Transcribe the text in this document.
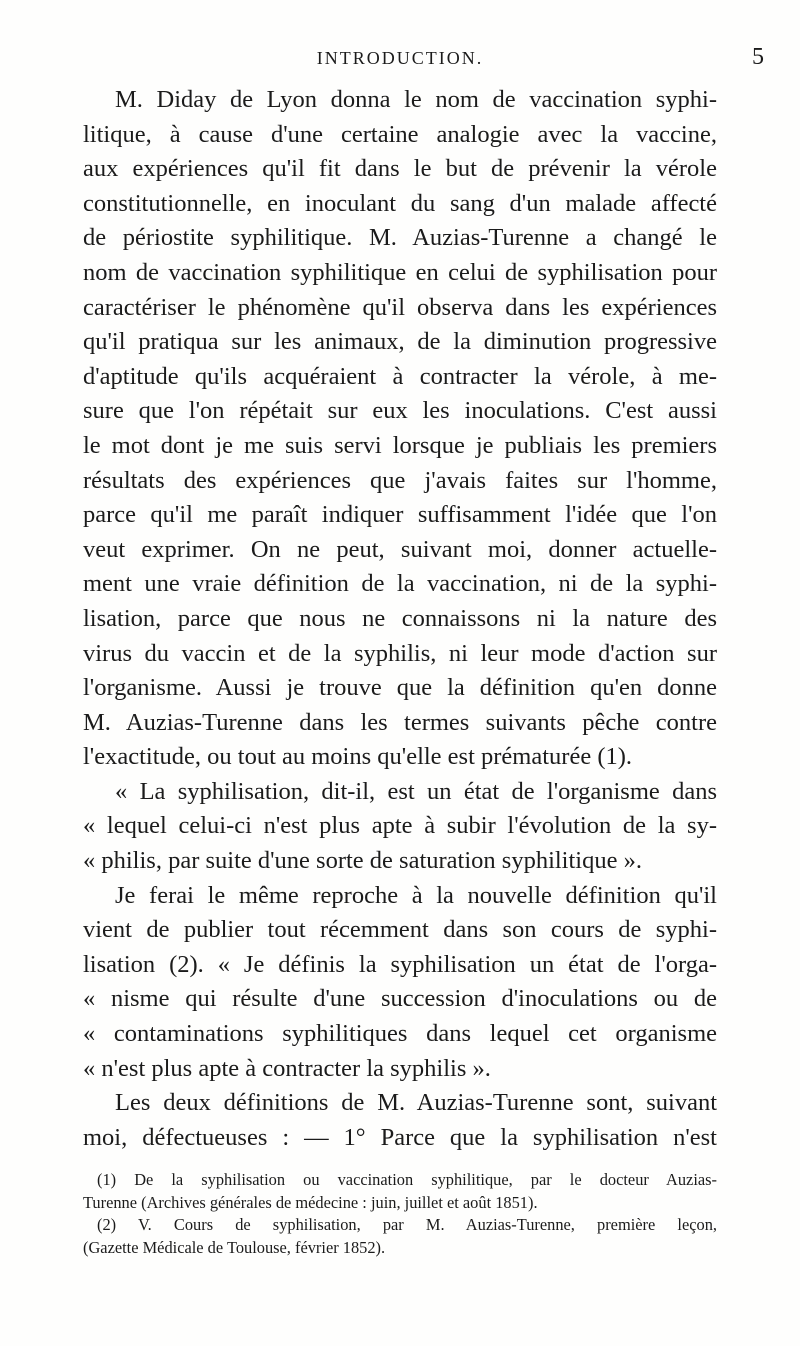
INTRODUCTION.	5
M. Diday de Lyon donna le nom de vaccination syphi-
litique, à cause d'une certaine analogie avec la vaccine,
aux expériences qu'il fit dans le but de prévenir la vérole
constitutionnelle, en inoculant du sang d'un malade affecté
de périostite syphilitique. M. Auzias-Turenne a changé le
nom de vaccination syphilitique en celui de syphilisation pour
caractériser le phénomène qu'il observa dans les expériences
qu'il pratiqua sur les animaux, de la diminution progressive
d'aptitude qu'ils acquéraient à contracter la vérole, à me-
sure que l'on répétait sur eux les inoculations. C'est aussi
le mot dont je me suis servi lorsque je publiais les premiers
résultats des expériences que j'avais faites sur l'homme,
parce qu'il me paraît indiquer suffisamment l'idée que l'on
veut exprimer. On ne peut, suivant moi, donner actuelle-
ment une vraie définition de la vaccination, ni de la syphi-
lisation, parce que nous ne connaissons ni la nature des
virus du vaccin et de la syphilis, ni leur mode d'action sur
l'organisme. Aussi je trouve que la définition qu'en donne
M. Auzias-Turenne dans les termes suivants pêche contre
l'exactitude, ou tout au moins qu'elle est prématurée (1).
« La syphilisation, dit-il, est un état de l'organisme dans
« lequel celui-ci n'est plus apte à subir l'évolution de la sy-
« philis, par suite d'une sorte de saturation syphilitique ».
Je ferai le même reproche à la nouvelle définition qu'il
vient de publier tout récemment dans son cours de syphi-
lisation (2). « Je définis la syphilisation un état de l'orga-
« nisme qui résulte d'une succession d'inoculations ou de
« contaminations syphilitiques dans lequel cet organisme
« n'est plus apte à contracter la syphilis ».
Les deux définitions de M. Auzias-Turenne sont, suivant
moi, défectueuses : — 1° Parce que la syphilisation n'est
(1) De la syphilisation ou vaccination syphilitique, par le docteur Auzias-
Turenne (Archives générales de médecine : juin, juillet et août 1851).
(2) V. Cours de syphilisation, par M. Auzias-Turenne, première leçon,
(Gazette Médicale de Toulouse, février 1852).
